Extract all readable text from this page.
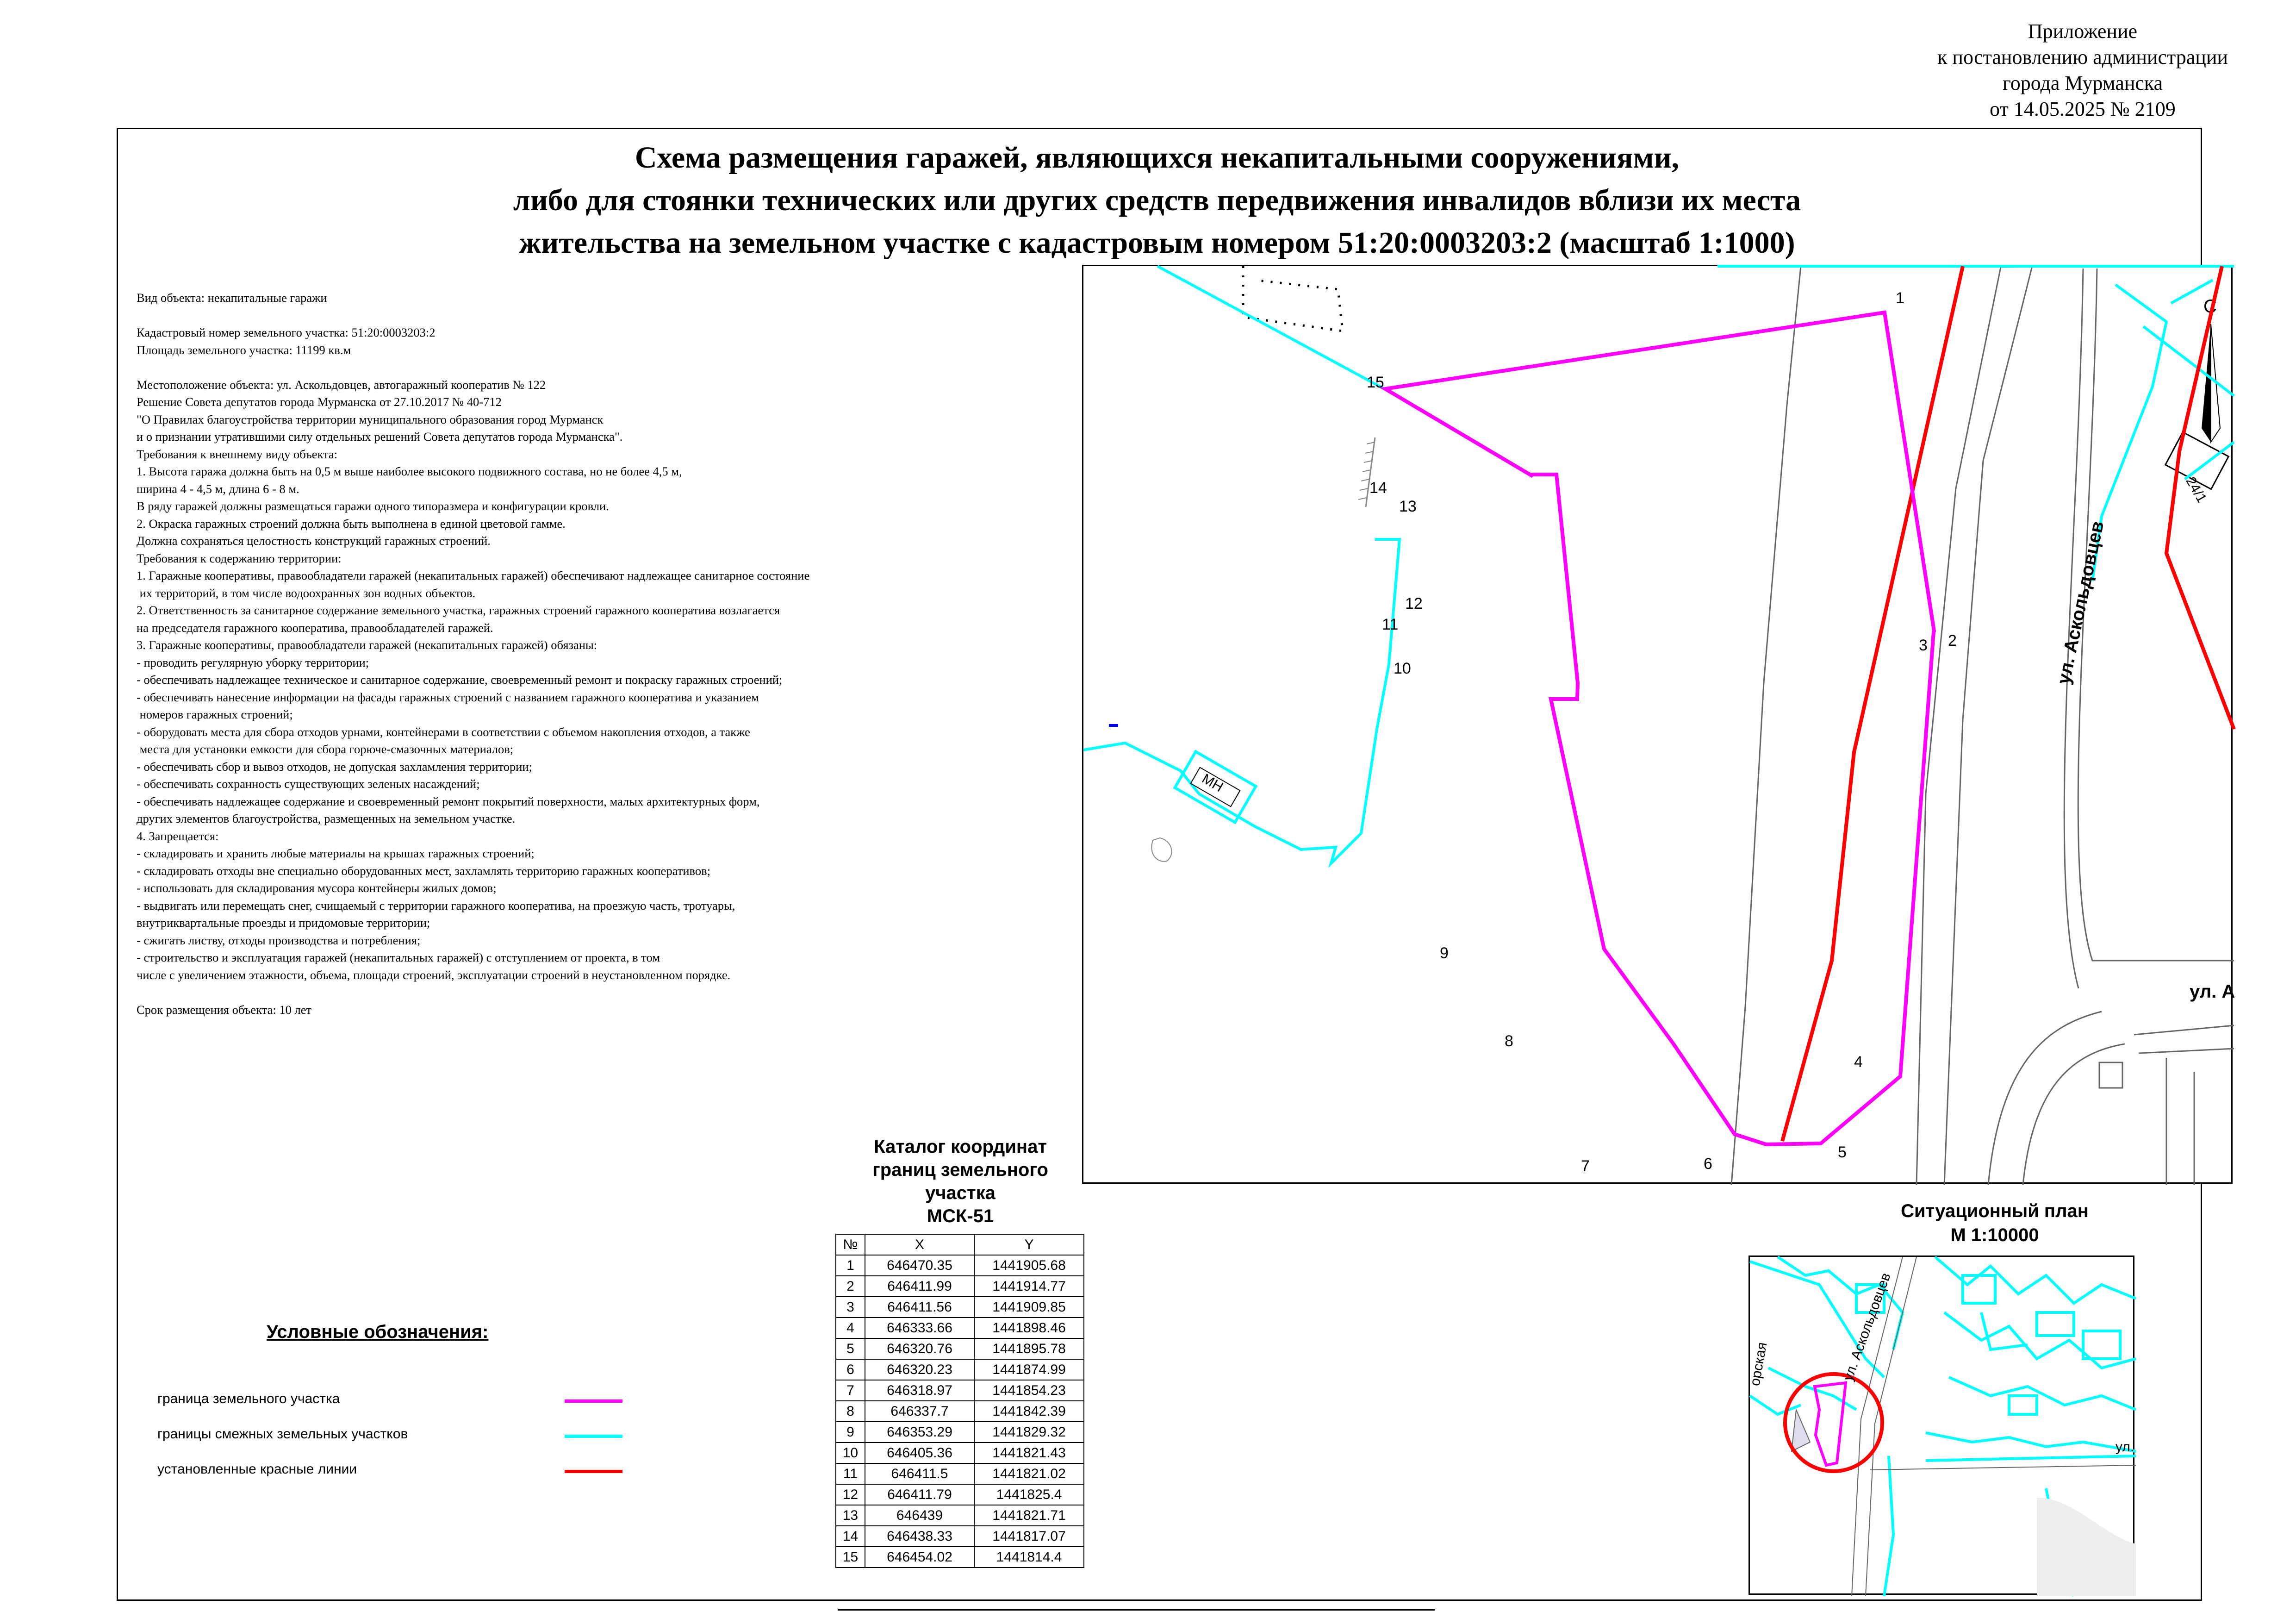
Приложение
к постановлению администрации
города Мурманска
от 14.05.2025 № 2109
Схема размещения гаражей, являющихся некапитальными сооружениями,
либо для стоянки технических или других средств передвижения инвалидов вблизи их места
жительства на земельном участке с кадастровым номером 51:20:0003203:2 (масштаб 1:1000)
Вид объекта: некапитальные гаражи
Кадастровый номер земельного участка: 51:20:0003203:2
Площадь земельного участка: 11199 кв.м
Местоположение объекта: ул. Аскольдовцев, автогаражный кооператив № 122
Решение Совета депутатов города Мурманска от 27.10.2017 № 40-712
"О Правилах благоустройства территории муниципального образования город Мурманск
и о признании утратившими силу отдельных решений Совета депутатов города Мурманска".
Требования к внешнему виду объекта:
1. Высота гаража должна быть на 0,5 м выше наиболее высокого подвижного состава, но не более 4,5 м,
ширина 4 - 4,5 м, длина 6 - 8 м.
В ряду гаражей должны размещаться гаражи одного типоразмера и конфигурации кровли.
2. Окраска гаражных строений должна быть выполнена в единой цветовой гамме.
Должна сохраняться целостность конструкций гаражных строений.
Требования к содержанию территории:
1. Гаражные кооперативы, правообладатели гаражей (некапитальных гаражей) обеспечивают надлежащее санитарное состояние
их территорий, в том числе водоохранных зон водных объектов.
2. Ответственность за санитарное содержание земельного участка, гаражных строений гаражного кооператива возлагается
на председателя гаражного кооператива, правообладателей гаражей.
3. Гаражные кооперативы, правообладатели гаражей (некапитальных гаражей) обязаны:
- проводить регулярную уборку территории;
- обеспечивать надлежащее техническое и санитарное содержание, своевременный ремонт и покраску гаражных строений;
- обеспечивать нанесение информации на фасады гаражных строений с названием гаражного кооператива и указанием
номеров гаражных строений;
- оборудовать места для сбора отходов урнами, контейнерами в соответствии с объемом накопления отходов, а также
места для установки емкости для сбора горюче-смазочных материалов;
- обеспечивать сбор и вывоз отходов, не допуская захламления территории;
- обеспечивать сохранность существующих зеленых насаждений;
- обеспечивать надлежащее содержание и своевременный ремонт покрытий поверхности, малых архитектурных форм,
других элементов благоустройства, размещенных на земельном участке.
4. Запрещается:
- складировать и хранить любые материалы на крышах гаражных строений;
- складировать отходы вне специально оборудованных мест, захламлять территорию гаражных кооперативов;
- использовать для складирования мусора контейнеры жилых домов;
- выдвигать или перемещать снег, счищаемый с территории гаражного кооператива, на проезжую часть, тротуары,
внутриквартальные проезды и придомовые территории;
- сжигать листву, отходы производства и потребления;
- строительство и эксплуатация гаражей (некапитальных гаражей) с отступлением от проекта, в том
числе с увеличением этажности, объема, площади строений, эксплуатации строений в неустановленном порядке.
Срок размещения объекта: 10 лет
24/1
С
МН
1
2
3
4
5
6
7
8
9
10
11
12
13
14
15
ул. Аскольдовцев
ул. А
▬
Каталог координат
границ земельного
участка
МСК-51
№	X	Y
1	646470.35	1441905.68
2	646411.99	1441914.77
3	646411.56	1441909.85
4	646333.66	1441898.46
5	646320.76	1441895.78
6	646320.23	1441874.99
7	646318.97	1441854.23
8	646337.7	1441842.39
9	646353.29	1441829.32
10	646405.36	1441821.43
11	646411.5	1441821.02
12	646411.79	1441825.4
13	646439	1441821.71
14	646438.33	1441817.07
15	646454.02	1441814.4
Условные обозначения:
граница земельного участка
границы смежных земельных участков
установленные красные линии
Ситуационный план
М 1:10000
ул. Аскольдовцев
орская
ул.
